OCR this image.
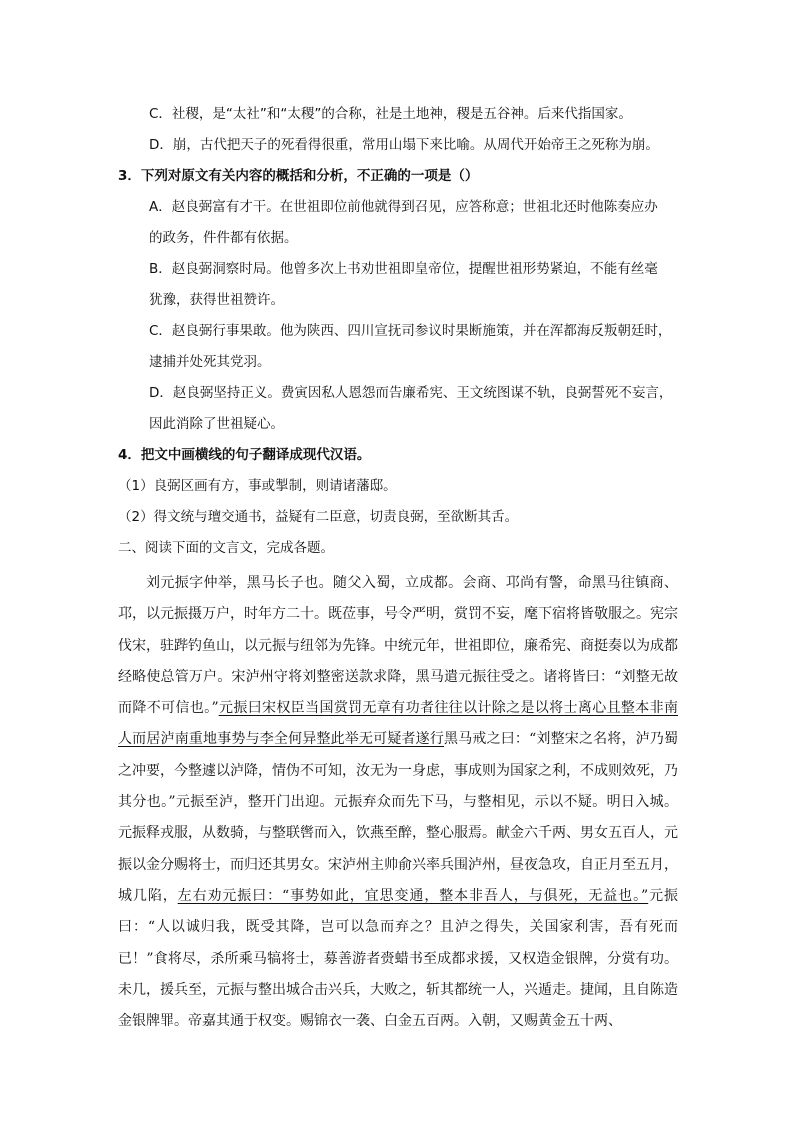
C．社稷，是“太社”和“太稷”的合称，社是土地神，稷是五谷神。后来代指国家。
D．崩，古代把天子的死看得很重，常用山塌下来比喻。从周代开始帝王之死称为崩。
3．下列对原文有关内容的概括和分析，不正确的一项是（）
A．赵良弼富有才干。在世祖即位前他就得到召见，应答称意；世祖北还时他陈奏应办
的政务，件件都有依据。
B．赵良弼洞察时局。他曾多次上书劝世祖即皇帝位，提醒世祖形势紧迫，不能有丝毫
犹豫，获得世祖赞许。
C．赵良弼行事果敢。他为陕西、四川宣抚司参议时果断施策，并在浑都海反叛朝廷时，
逮捕并处死其党羽。
D．赵良弼坚持正义。费寅因私人恩怨而告廉希宪、王文统图谋不轨，良弼誓死不妄言，
因此消除了世祖疑心。
4．把文中画横线的句子翻译成现代汉语。
（1）良弼区画有方，事或掣制，则请诸藩邸。
（2）得文统与璮交通书，益疑有二臣意，切责良弼，至欲断其舌。
二、阅读下面的文言文，完成各题。

刘元振字仲举，黑马长子也。随父入蜀，立成都。会商、邛尚有警，命黑马往镇商、邛，以元振摄万户，时年方二十。既莅事，号令严明，赏罚不妄，麾下宿将皆敬服之。宪宗伐宋，驻跸钓鱼山，以元振与纽邻为先锋。中统元年，世祖即位，廉希宪、商挺奏以为成都经略使总管万户。宋泸州守将刘整密送款求降，黑马遣元振往受之。诸将皆曰：“刘整无故而降不可信也。”元振曰宋权臣当国赏罚无章有功者往往以计除之是以将士离心且整本非南人而居泸南重地事势与李全何异整此举无可疑者遂行黑马戒之曰：“刘整宋之名将，泸乃蜀之冲要，今整遽以泸降，情伪不可知，汝无为一身虑，事成则为国家之利，不成则效死，乃其分也。”元振至泸，整开门出迎。元振弃众而先下马，与整相见，示以不疑。明日入城。元振释戎服，从数骑，与整联辔而入，饮燕至醉，整心服焉。献金六千两、男女五百人，元振以金分赐将士，而归还其男女。宋泸州主帅俞兴率兵围泸州，昼夜急攻，自正月至五月，城几陷，左右劝元振曰：“事势如此，宜思变通，整本非吾人，与俱死，无益也。”元振曰：“人以诚归我，既受其降，岂可以急而弃之？且泸之得失，关国家利害，吾有死而已！”食将尽，杀所乘马犒将士，募善游者赍蜡书至成都求援，又权造金银牌，分赏有功。未几，援兵至，元振与整出城合击兴兵，大败之，斩其都统一人，兴遁走。捷闻，且自陈造金银牌罪。帝嘉其通于权变。赐锦衣一袭、白金五百两。入朝，又赐黄金五十两、
